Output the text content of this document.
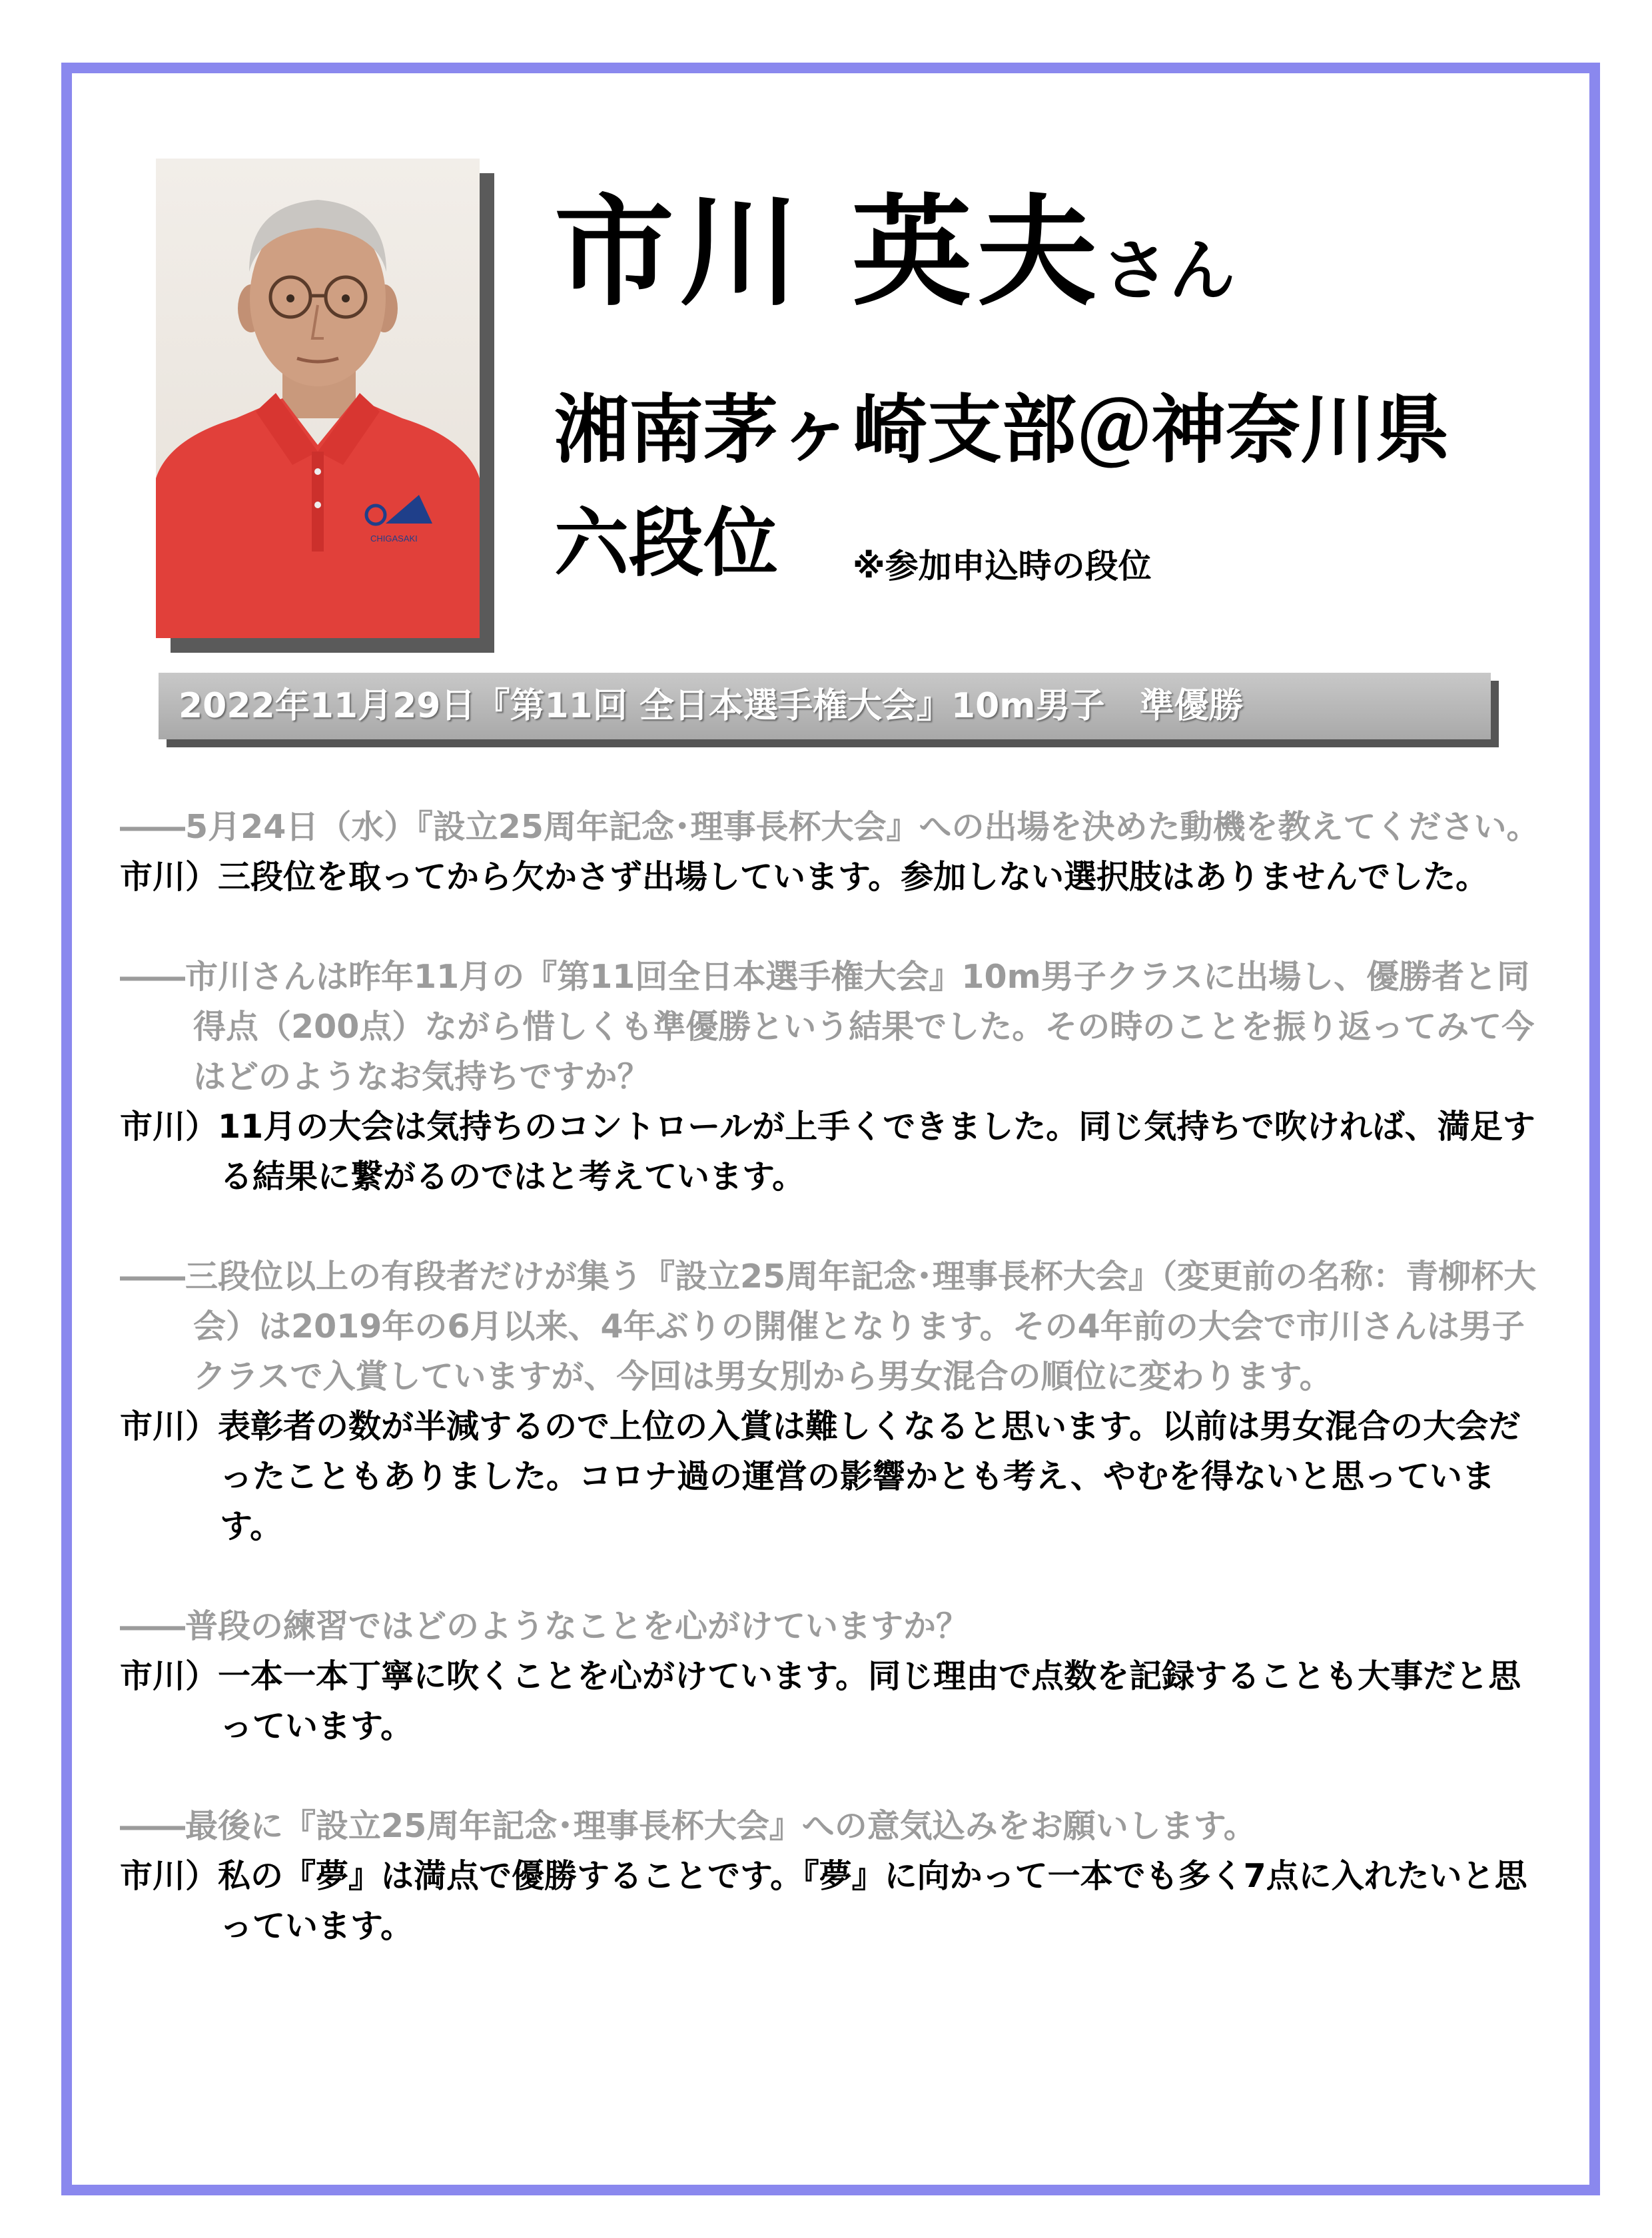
CHIGASAKI
市川 英夫さん
湘南茅ヶ崎支部＠神奈川県
六段位 ※参加申込時の段位
2022年11月29日『第11回 全日本選手権大会』10m男子　準優勝
――5月24日（水）『設立25周年記念･理事長杯大会』への出場を決めた動機を教えてください。
市川）三段位を取ってから欠かさず出場しています。参加しない選択肢はありませんでした。
――市川さんは昨年11月の『第11回全日本選手権大会』10m男子クラスに出場し、優勝者と同得点（200点）ながら惜しくも準優勝という結果でした。その時のことを振り返ってみて今はどのようなお気持ちですか？
市川）11月の大会は気持ちのコントロールが上手くできました。同じ気持ちで吹ければ、満足する結果に繋がるのではと考えています。
――三段位以上の有段者だけが集う『設立25周年記念･理事長杯大会』（変更前の名称：青柳杯大会）は2019年の6月以来、4年ぶりの開催となります。その4年前の大会で市川さんは男子クラスで入賞していますが、今回は男女別から男女混合の順位に変わります。
市川）表彰者の数が半減するので上位の入賞は難しくなると思います。以前は男女混合の大会だったこともありました。コロナ過の運営の影響かとも考え、やむを得ないと思っています。
――普段の練習ではどのようなことを心がけていますか？
市川）一本一本丁寧に吹くことを心がけています。同じ理由で点数を記録することも大事だと思っています。
――最後に『設立25周年記念･理事長杯大会』への意気込みをお願いします。
市川）私の『夢』は満点で優勝することです。『夢』に向かって一本でも多く7点に入れたいと思っています。
